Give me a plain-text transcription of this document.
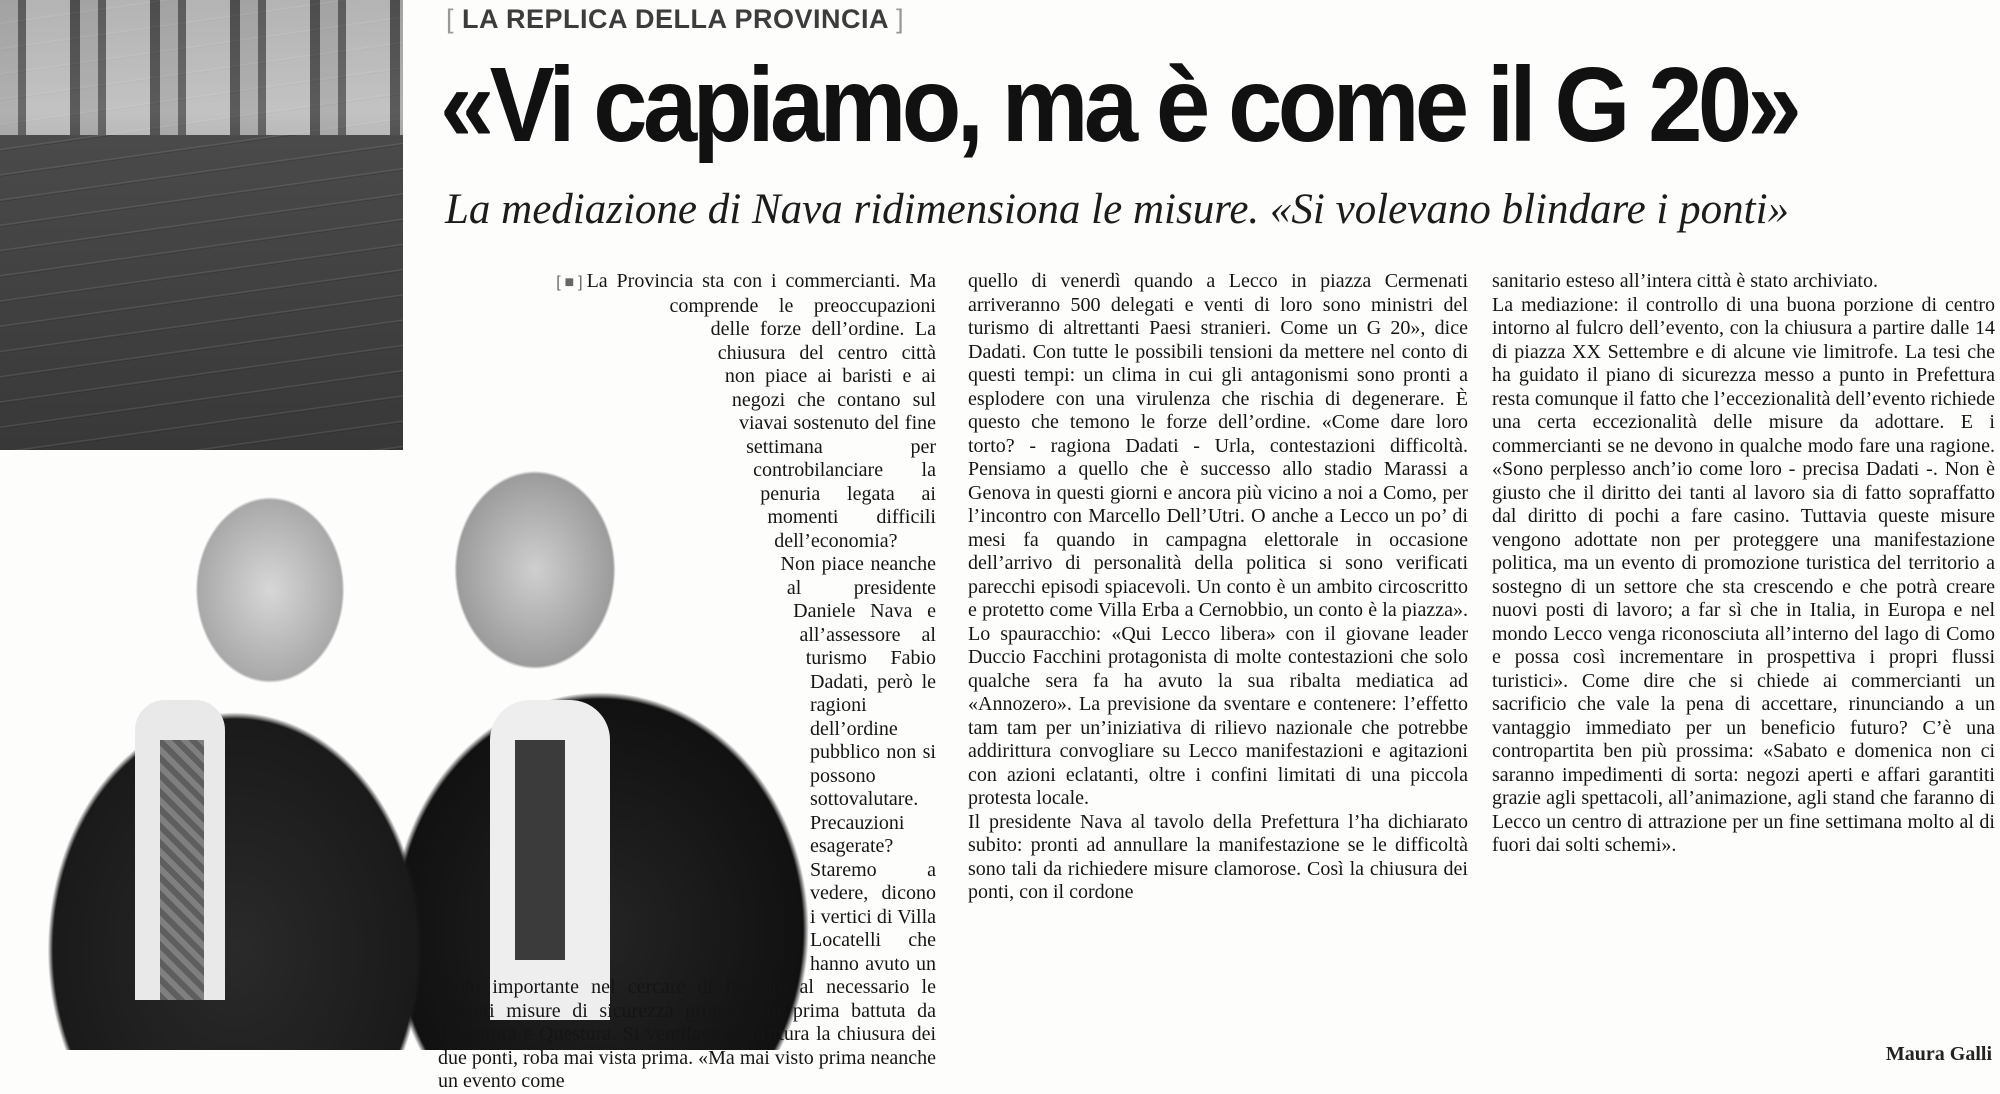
[ LA REPLICA DELLA PROVINCIA ]
«Vi capiamo, ma è come il G 20»
La mediazione di Nava ridimensiona le misure. «Si volevano blindare i ponti»

[■] La Provincia sta con i commercianti. Ma comprende le preoccupazioni delle forze dell’ordine. La chiusura del centro città non piace ai baristi e ai negozi che contano sul viavai sostenuto del fine settimana per controbilanciare la penuria legata ai momenti difficili dell’economia? Non piace neanche al presidente Daniele Nava e all’assessore al turismo Fabio Dadati, però le ragioni dell’ordine pubblico non si possono sottovalutare. Precauzioni esagerate? Staremo a vedere, dicono i vertici di Villa Locatelli che hanno avuto un ruolo importante nel cercare di limitare al necessario le pesanti misure di sicurezza proposte in prima battuta da Prefettura e Questura. Si ventilava addirittura la chiusura dei due ponti, roba mai vista prima. «Ma mai visto prima neanche un evento come

quello di venerdì quando a Lecco in piazza Cermenati arriveranno 500 delegati e venti di loro sono ministri del turismo di altrettanti Paesi stranieri. Come un G 20», dice Dadati. Con tutte le possibili tensioni da mettere nel conto di questi tempi: un clima in cui gli antagonismi sono pronti a esplodere con una virulenza che rischia di degenerare. È questo che temono le forze dell’ordine. «Come dare loro torto? - ragiona Dadati - Urla, contestazioni difficoltà. Pensiamo a quello che è successo allo stadio Marassi a Genova in questi giorni e ancora più vicino a noi a Como, per l’incontro con Marcello Dell’Utri. O anche a Lecco un po’ di mesi fa quando in campagna elettorale in occasione dell’arrivo di personalità della politica si sono verificati parecchi episodi spiacevoli. Un conto è un ambito circoscritto e protetto come Villa Erba a Cernobbio, un conto è la piazza». Lo spauracchio: «Qui Lecco libera» con il giovane leader Duccio Facchini protagonista di molte contestazioni che solo qualche sera fa ha avuto la sua ribalta mediatica ad «Annozero». La previsione da sventare e contenere: l’effetto tam tam per un’iniziativa di rilievo nazionale che potrebbe addirittura convogliare su Lecco manifestazioni e agitazioni con azioni eclatanti, oltre i confini limitati di una piccola protesta locale.

Il presidente Nava al tavolo della Prefettura l’ha dichiarato subito: pronti ad annullare la manifestazione se le difficoltà sono tali da richiedere misure clamorose. Così la chiusura dei ponti, con il cordone

sanitario esteso all’intera città è stato archiviato.

La mediazione: il controllo di una buona porzione di centro intorno al fulcro dell’evento, con la chiusura a partire dalle 14 di piazza XX Settembre e di alcune vie limitrofe. La tesi che ha guidato il piano di sicurezza messo a punto in Prefettura resta comunque il fatto che l’eccezionalità dell’evento richiede una certa eccezionalità delle misure da adottare. E i commercianti se ne devono in qualche modo fare una ragione. «Sono perplesso anch’io come loro - precisa Dadati -. Non è giusto che il diritto dei tanti al lavoro sia di fatto sopraffatto dal diritto di pochi a fare casino. Tuttavia queste misure vengono adottate non per proteggere una manifestazione politica, ma un evento di promozione turistica del territorio a sostegno di un settore che sta crescendo e che potrà creare nuovi posti di lavoro; a far sì che in Italia, in Europa e nel mondo Lecco venga riconosciuta all’interno del lago di Como e possa così incrementare in prospettiva i propri flussi turistici». Come dire che si chiede ai commercianti un sacrificio che vale la pena di accettare, rinunciando a un vantaggio immediato per un beneficio futuro? C’è una contropartita ben più prossima: «Sabato e domenica non ci saranno impedimenti di sorta: negozi aperti e affari garantiti grazie agli spettacoli, all’animazione, agli stand che faranno di Lecco un centro di attrazione per un fine settimana molto al di fuori dai solti schemi».

Maura Galli
